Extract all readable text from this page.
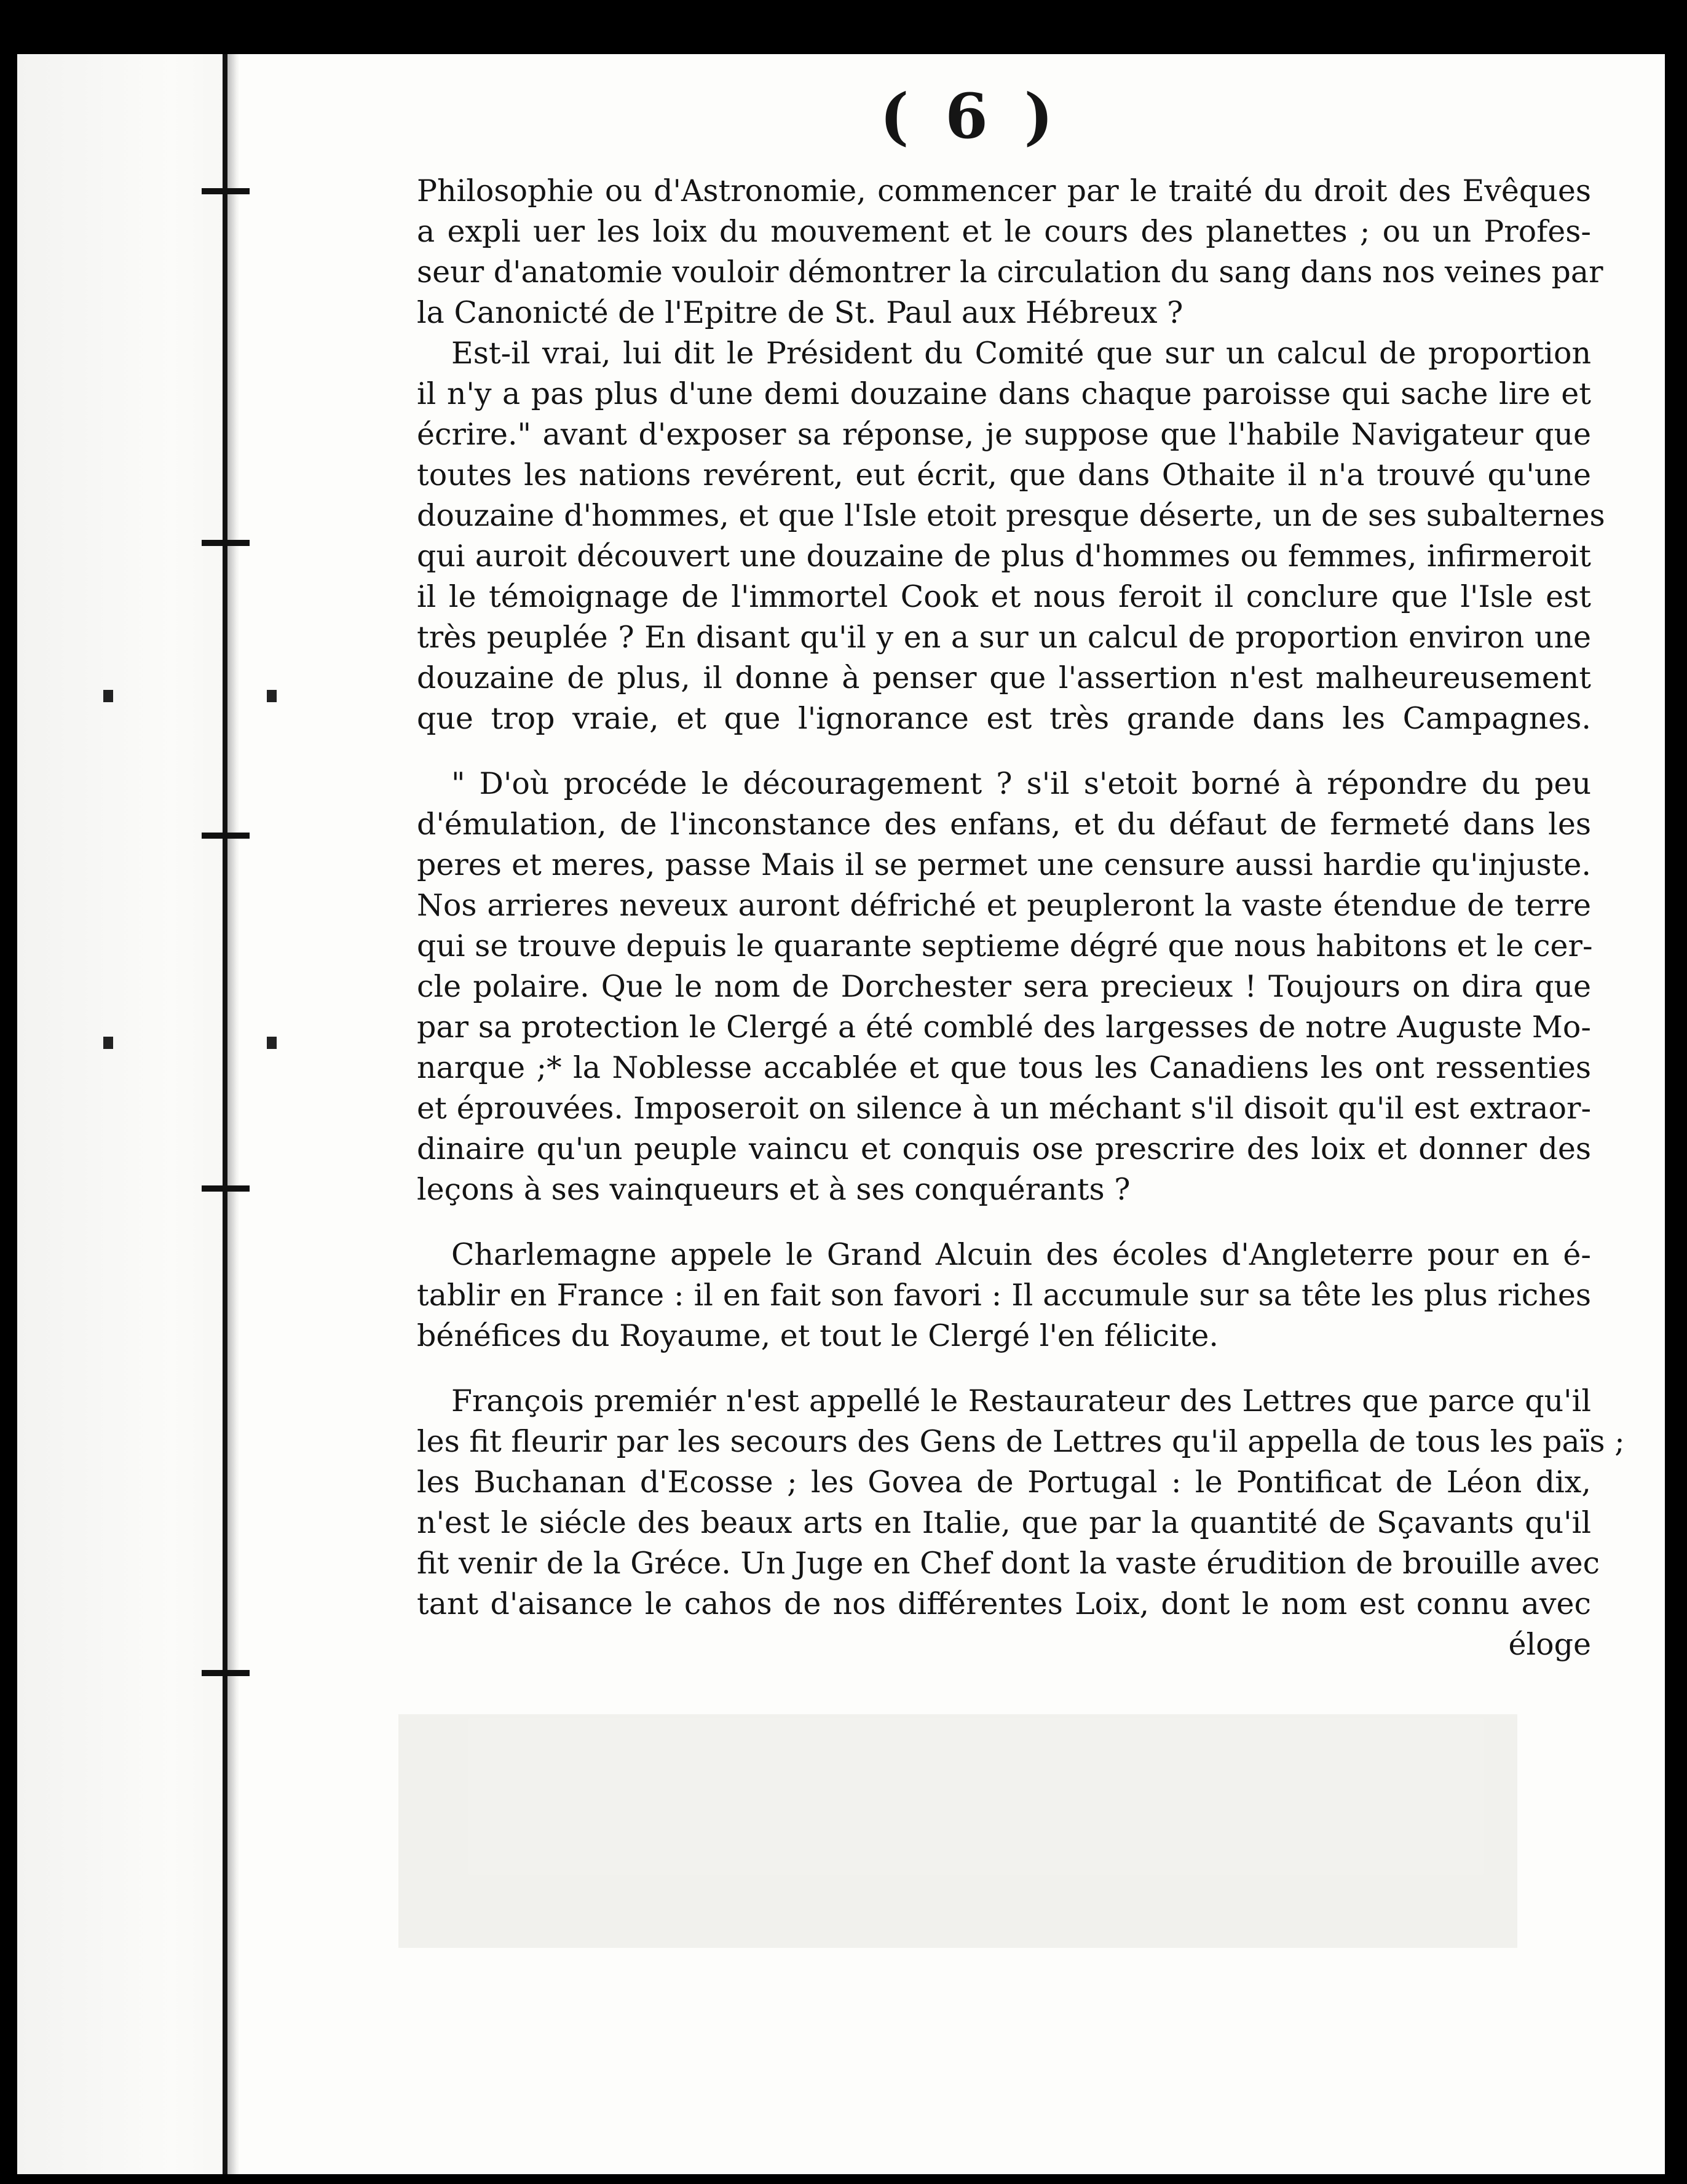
( 6 )

Philosophie ou d'Astronomie, commencer par le traité du droit des Evêques
a expli uer les loix du mouvement et le cours des planettes ; ou un Profes-
seur d'anatomie vouloir démontrer la circulation du sang dans nos veines par
la Canonicté de l'Epitre de St. Paul aux Hébreux ?

Est-il vrai, lui dit le Président du Comité que sur un calcul de proportion
il n'y a pas plus d'une demi douzaine dans chaque paroisse qui sache lire et
écrire." avant d'exposer sa réponse, je suppose que l'habile Navigateur que
toutes les nations revérent, eut écrit, que dans Othaite il n'a trouvé qu'une
douzaine d'hommes, et que l'Isle etoit presque déserte, un de ses subalternes
qui auroit découvert une douzaine de plus d'hommes ou femmes, infirmeroit
il le témoignage de l'immortel Cook et nous feroit il conclure que l'Isle est
très peuplée ? En disant qu'il y en a sur un calcul de proportion environ une
douzaine de plus, il donne à penser que l'assertion n'est malheureusement
que trop vraie, et que l'ignorance est très grande dans les Campagnes.

" D'où procéde le découragement ? s'il s'etoit borné à répondre du peu
d'émulation, de l'inconstance des enfans, et du défaut de fermeté dans les
peres et meres, passe Mais il se permet une censure aussi hardie qu'injuste.
Nos arrieres neveux auront défriché et peupleront la vaste étendue de terre
qui se trouve depuis le quarante septieme dégré que nous habitons et le cer-
cle polaire. Que le nom de Dorchester sera precieux ! Toujours on dira que
par sa protection le Clergé a été comblé des largesses de notre Auguste Mo-
narque ;* la Noblesse accablée et que tous les Canadiens les ont ressenties
et éprouvées. Imposeroit on silence à un méchant s'il disoit qu'il est extraor-
dinaire qu'un peuple vaincu et conquis ose prescrire des loix et donner des
leçons à ses vainqueurs et à ses conquérants ?

Charlemagne appele le Grand Alcuin des écoles d'Angleterre pour en é-
tablir en France : il en fait son favori : Il accumule sur sa tête les plus riches
bénéfices du Royaume, et tout le Clergé l'en félicite.

François premiér n'est appellé le Restaurateur des Lettres que parce qu'il
les fit fleurir par les secours des Gens de Lettres qu'il appella de tous les païs ;
les Buchanan d'Ecosse ; les Govea de Portugal : le Pontificat de Léon dix,
n'est le siécle des beaux arts en Italie, que par la quantité de Sçavants qu'il
fit venir de la Gréce. Un Juge en Chef dont la vaste érudition de brouille avec
tant d'aisance le cahos de nos différentes Loix, dont le nom est connu avec
éloge
